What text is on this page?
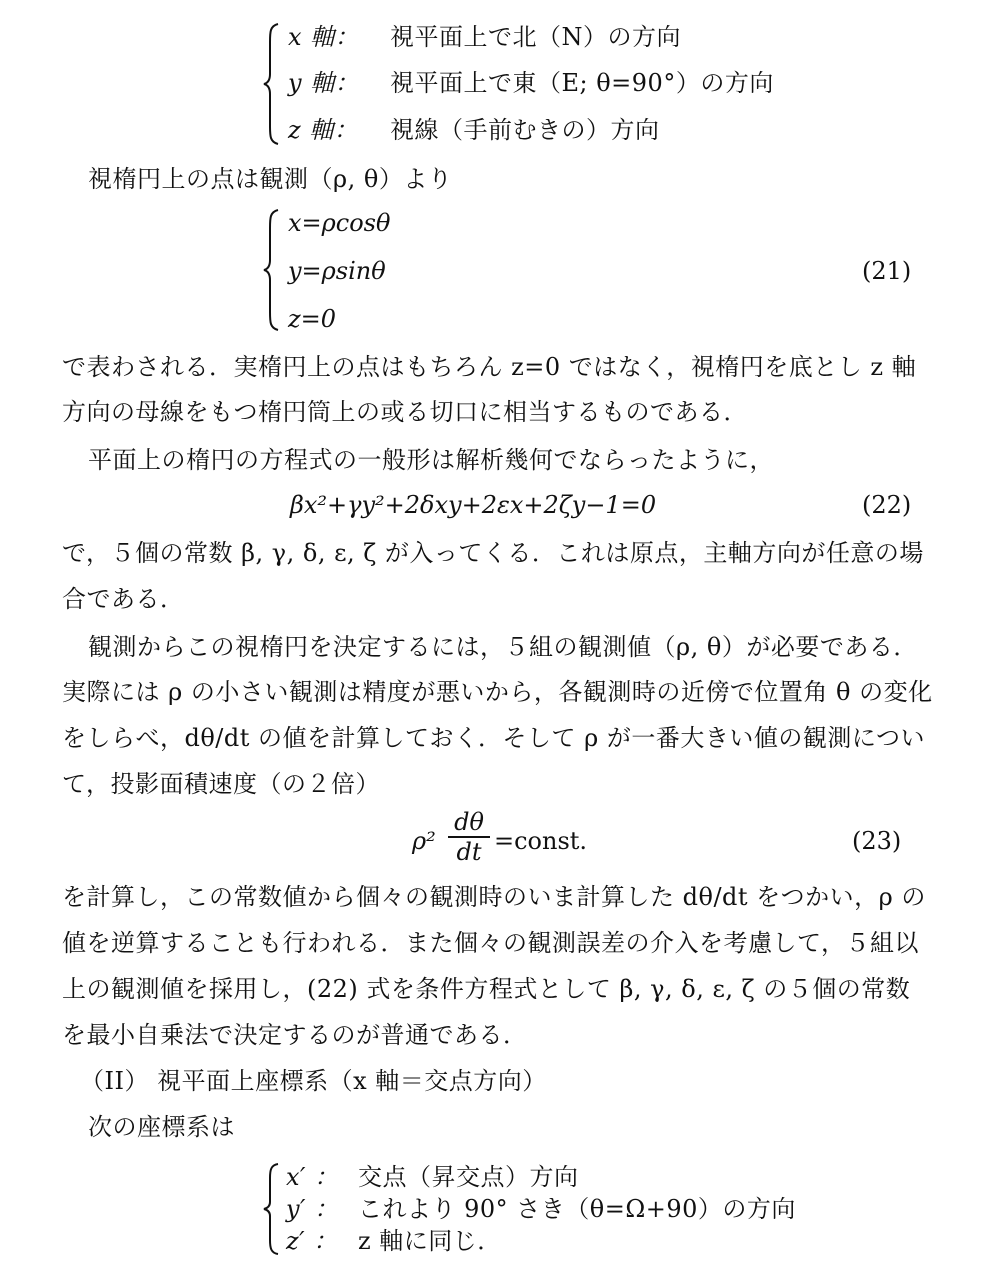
x 軸： 視平面上で北（N）の方向
y 軸： 視平面上で東（E; θ=90°）の方向
z 軸： 視線（手前むきの）方向
視楕円上の点は観測（ρ, θ）より
x=ρcosθ
y=ρsinθ
z=0
(21)
で表わされる．実楕円上の点はもちろん z=0 ではなく，視楕円を底とし z 軸
方向の母線をもつ楕円筒上の或る切口に相当するものである．
平面上の楕円の方程式の一般形は解析幾何でならったように，
βx²+γy²+2δxy+2εx+2ζy−1=0	(22)
で，５個の常数 β, γ, δ, ε, ζ が入ってくる．これは原点，主軸方向が任意の場
合である．
観測からこの視楕円を決定するには，５組の観測値（ρ, θ）が必要である．
実際には ρ の小さい観測は精度が悪いから，各観測時の近傍で位置角 θ の変化
をしらべ，dθ/dt の値を計算しておく．そして ρ が一番大きい値の観測につい
て，投影面積速度（の２倍）
ρ²
dθ
dt =const.	(23)
を計算し，この常数値から個々の観測時のいま計算した dθ/dt をつかい，ρ の
値を逆算することも行われる．また個々の観測誤差の介入を考慮して，５組以
上の観測値を採用し，(22) 式を条件方程式として β, γ, δ, ε, ζ の５個の常数
を最小自乗法で決定するのが普通である．
（II） 視平面上座標系（x 軸＝交点方向）
次の座標系は
x′ ： 交点（昇交点）方向
y′ ： これより 90° さき（θ=Ω+90）の方向
z′ ： z 軸に同じ．
